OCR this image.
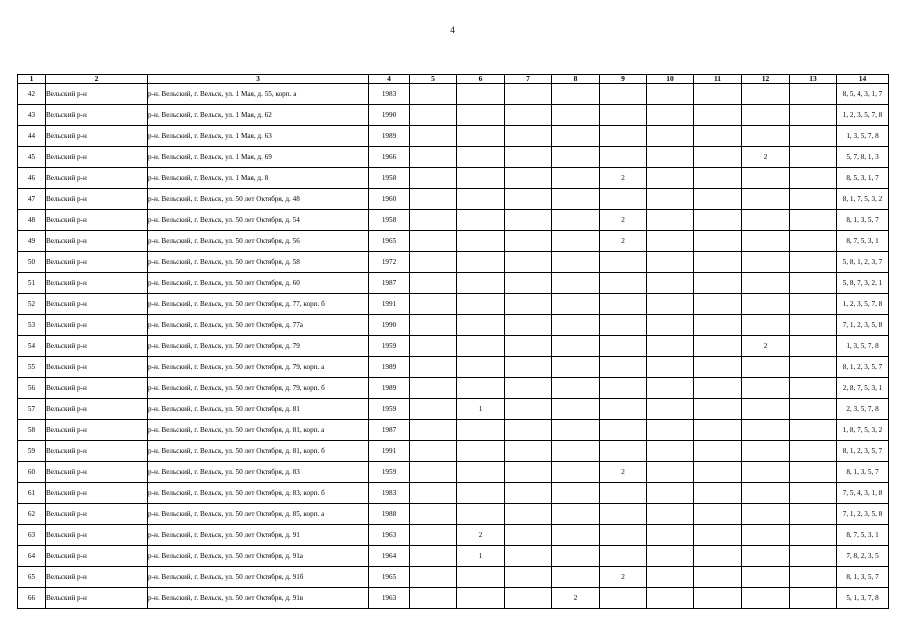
4
1	2	3	4	5	6	7	8	9	10	11	12	13	14
42	Вельский р-н	р-н. Вельский, г. Вельск, ул. 1 Мая, д. 55, корп. а	1983										8, 5, 4, 3, 1, 7
43	Вельский р-н	р-н. Вельский, г. Вельск, ул. 1 Мая, д. 62	1990										1, 2, 3, 5, 7, 8
44	Вельский р-н	р-н. Вельский, г. Вельск, ул. 1 Мая, д. 63	1989										1, 3, 5, 7, 8
45	Вельский р-н	р-н. Вельский, г. Вельск, ул. 1 Мая, д. 69	1966								2		5, 7, 8, 1, 3
46	Вельский р-н	р-н. Вельский, г. Вельск, ул. 1 Мая, д. 8	1958					2					8, 5, 3, 1, 7
47	Вельский р-н	р-н. Вельский, г. Вельск, ул. 50 лет Октября, д. 48	1960										8, 1, 7, 5, 3, 2
48	Вельский р-н	р-н. Вельский, г. Вельск, ул. 50 лет Октября, д. 54	1958					2					8, 1, 3, 5, 7
49	Вельский р-н	р-н. Вельский, г. Вельск, ул. 50 лет Октября, д. 56	1965					2					8, 7, 5, 3, 1
50	Вельский р-н	р-н. Вельский, г. Вельск, ул. 50 лет Октября, д. 58	1972										5, 8, 1, 2, 3, 7
51	Вельский р-н	р-н. Вельский, г. Вельск, ул. 50 лет Октября, д. 60	1987										5, 8, 7, 3, 2, 1
52	Вельский р-н	р-н. Вельский, г. Вельск, ул. 50 лет Октября, д. 77, корп. б	1991										1, 2, 3, 5, 7, 8
53	Вельский р-н	р-н. Вельский, г. Вельск, ул. 50 лет Октября, д. 77а	1990										7, 1, 2, 3, 5, 8
54	Вельский р-н	р-н. Вельский, г. Вельск, ул. 50 лет Октября, д. 79	1959								2		1, 3, 5, 7, 8
55	Вельский р-н	р-н. Вельский, г. Вельск, ул. 50 лет Октября, д. 79, корп. а	1989										8, 1, 2, 3, 5, 7
56	Вельский р-н	р-н. Вельский, г. Вельск, ул. 50 лет Октября, д. 79, корп. б	1989										2, 8, 7, 5, 3, 1
57	Вельский р-н	р-н. Вельский, г. Вельск, ул. 50 лет Октября, д. 81	1959		1								2, 3, 5, 7, 8
58	Вельский р-н	р-н. Вельский, г. Вельск, ул. 50 лет Октября, д. 81, корп. а	1987										1, 8, 7, 5, 3, 2
59	Вельский р-н	р-н. Вельский, г. Вельск, ул. 50 лет Октября, д. 81, корп. б	1991										8, 1, 2, 3, 5, 7
60	Вельский р-н	р-н. Вельский, г. Вельск, ул. 50 лет Октября, д. 83	1959					2					8, 1, 3, 5, 7
61	Вельский р-н	р-н. Вельский, г. Вельск, ул. 50 лет Октября, д. 83, корп. б	1983										7, 5, 4, 3, 1, 8
62	Вельский р-н	р-н. Вельский, г. Вельск, ул. 50 лет Октября, д. 85, корп. а	1988										7, 1, 2, 3, 5, 8
63	Вельский р-н	р-н. Вельский, г. Вельск, ул. 50 лет Октября, д. 91	1963		2								8, 7, 5, 3, 1
64	Вельский р-н	р-н. Вельский, г. Вельск, ул. 50 лет Октября, д. 91а	1964		1								7, 8, 2, 3, 5
65	Вельский р-н	р-н. Вельский, г. Вельск, ул. 50 лет Октября, д. 91б	1965					2					8, 1, 3, 5, 7
66	Вельский р-н	р-н. Вельский, г. Вельск, ул. 50 лет Октября, д. 91в	1963				2						5, 1, 3, 7, 8
